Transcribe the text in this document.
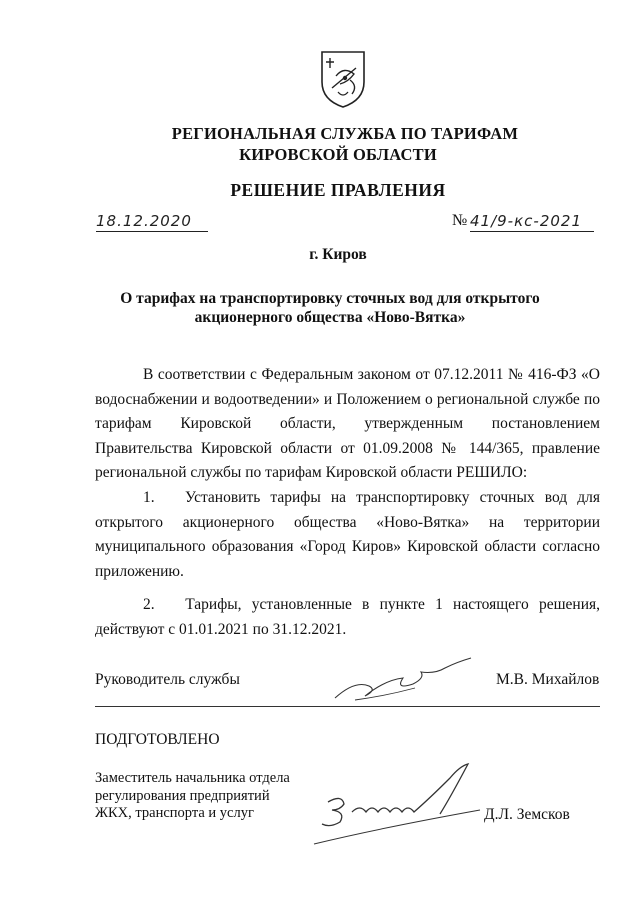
РЕГИОНАЛЬНАЯ СЛУЖБА ПО ТАРИФАМ
КИРОВСКОЙ ОБЛАСТИ
РЕШЕНИЕ ПРАВЛЕНИЯ
18.12.2020	№ 41/9-кс-2021
г. Киров
О тарифах на транспортировку сточных вод для открытого
акционерного общества «Ново-Вятка»
В соответствии с Федеральным законом от 07.12.2011 № 416-ФЗ «О водоснабжении и водоотведении» и Положением о региональной службе по тарифам Кировской области, утвержденным постановлением Правительства Кировской области от 01.09.2008 № 144/365, правление региональной службы по тарифам Кировской области РЕШИЛО:
1.   Установить тарифы на транспортировку сточных вод для открытого акционерного общества «Ново-Вятка» на территории муниципального образования «Город Киров» Кировской области согласно приложению.
2.   Тарифы, установленные в пункте 1 настоящего решения, действуют с 01.01.2021 по 31.12.2021.
Руководитель службы	М.В. Михайлов
ПОДГОТОВЛЕНО
Заместитель начальника отдела
регулирования предприятий
ЖКХ, транспорта и услуг	Д.Л. Земсков
